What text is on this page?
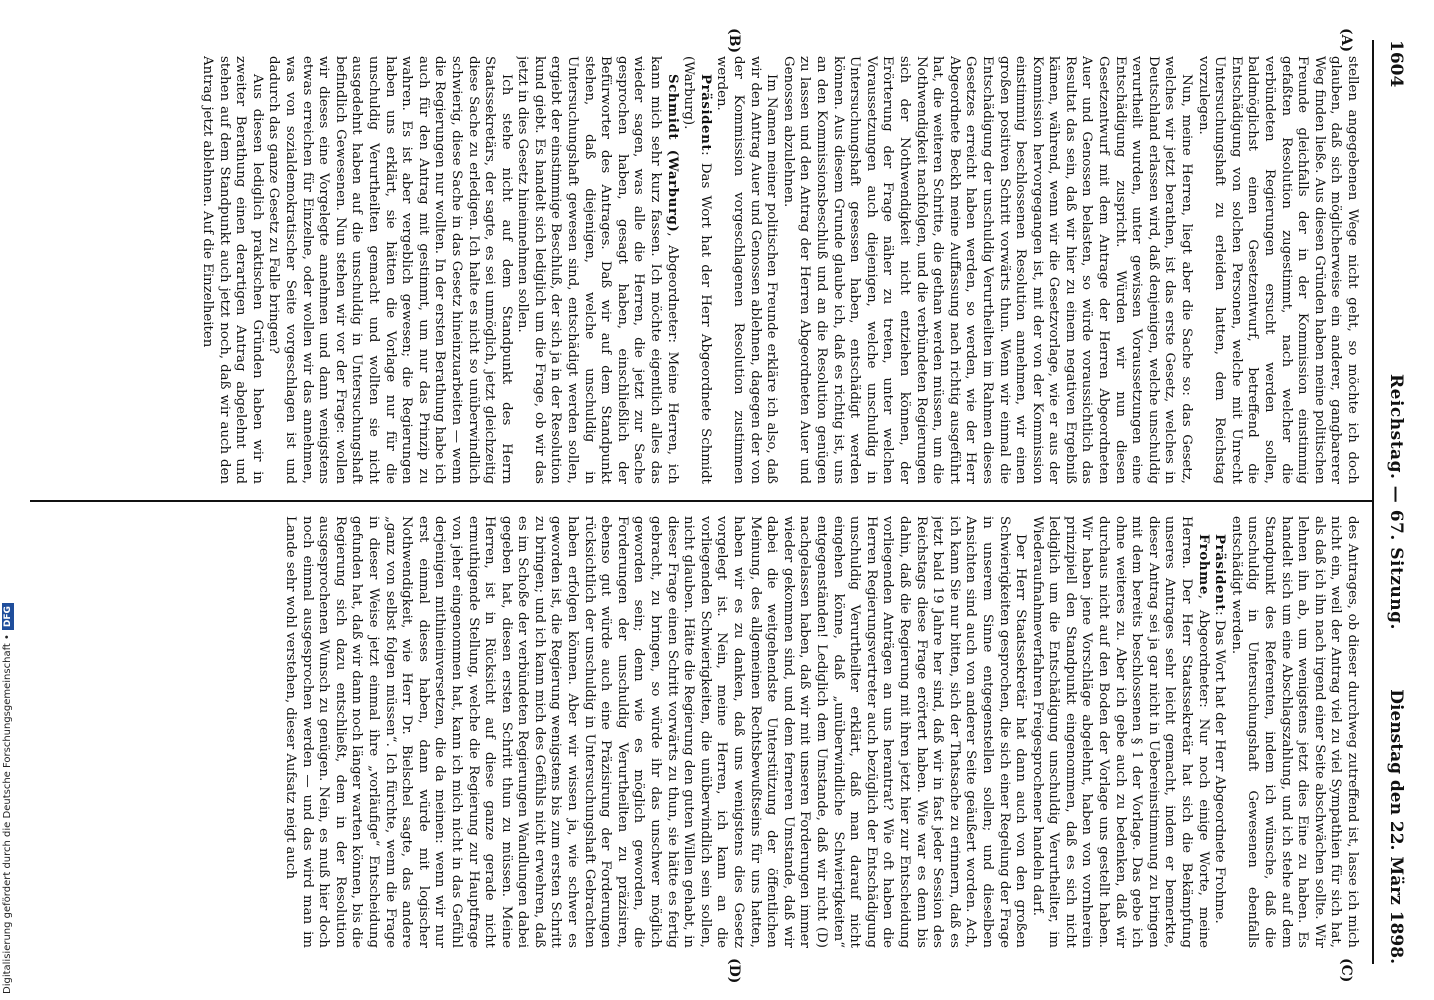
1604
Reichstag. — 67. Sitzung.
Dienstag den 22. März 1898.
(A)
(B)
(C)
(D)

stellen angegebenen Wege nicht geht, so möchte ich doch glauben, daß sich möglicherweise ein anderer, gangbarerer Weg finden ließe. Aus diesen Gründen haben meine politischen Freunde gleichfalls der in der Kommission einstimmig gefaßten Resolution zugestimmt, nach welcher die verbündeten Regierungen ersucht werden sollen, baldmöglichst einen Gesetzentwurf, betreffend die Entschädigung von solchen Personen, welche mit Unrecht Untersuchungshaft zu erleiden hatten, dem Reichstag vorzulegen.

Nun, meine Herren, liegt aber die Sache so: das Gesetz, welches wir jetzt berathen, ist das erste Gesetz, welches in Deutschland erlassen wird, daß denjenigen, welche unschuldig verurtheilt wurden, unter gewissen Voraussetzungen eine Entschädigung zuspricht. Würden wir nun diesen Gesetzentwurf mit dem Antrage der Herren Abgeordneten Auer und Genossen belasten, so würde voraussichtlich das Resultat das sein, daß wir hier zu einem negativen Ergebniß kämen, während, wenn wir die Gesetzvorlage, wie er aus der Kommission hervorgegangen ist, mit der von der Kommission einstimmig beschlossenen Resolution annehmen, wir einen großen positiven Schritt vorwärts thun. Wenn wir einmal die Entschädigung der unschuldig Verurtheilten im Rahmen dieses Gesetzes erreicht haben werden, so werden, wie der Herr Abgeordnete Beckh meine Auffassung nach richtig ausgeführt hat, die weiteren Schritte, die gethan werden müssen, um die Nothwendigkeit nachfolgen, und die verbündeten Regierungen sich der Nothwendigkeit nicht entziehen können, der Erörterung der Frage näher zu treten, unter welchen Voraussetzungen auch diejenigen, welche unschuldig in Untersuchungshaft gesessen haben, entschädigt werden können. Aus diesem Grunde glaube ich, daß es richtig ist, uns an den Kommissionsbeschluß und an die Resolution genügen zu lassen und den Antrag der Herren Abgeordneten Auer und Genossen abzulehnen.

Im Namen meiner politischen Freunde erkläre ich also, daß wir den Antrag Auer und Genossen ablehnen, dagegen der von der Kommission vorgeschlagenen Resolution zustimmen werden.

Präsident: Das Wort hat der Herr Abgeordnete Schmidt (Warburg).

Schmidt (Warburg), Abgeordneter: Meine Herren, ich kann mich sehr kurz fassen. Ich möchte eigentlich alles das wieder sagen, was alle die Herren, die jetzt zur Sache gesprochen haben, gesagt haben, einschließlich der Befürworter des Antrages. Daß wir auf dem Standpunkt stehen, daß diejenigen, welche unschuldig in Untersuchungshaft gewesen sind, entschädigt werden sollen, ergiebt der einstimmige Beschluß, der sich ja in der Resolution kund giebt. Es handelt sich lediglich um die Frage, ob wir das jetzt in dies Gesetz hineinnehmen sollen.

Ich stehe nicht auf dem Standpunkt des Herrn Staatssekretärs, der sagte, es sei unmöglich, jetzt gleichzeitig diese Sache zu erledigen. Ich halte es nicht so unüberwindlich schwierig, diese Sache in das Gesetz hineinzuarbeiten — wenn die Regierungen nur wollten. In der ersten Berathung habe ich auch für den Antrag mit gestimmt, um nur das Prinzip zu wahren. Es ist aber vergeblich gewesen; die Regierungen haben uns erklärt, sie hätten die Vorlage nur für die unschuldig Verurtheilten gemacht und wollten sie nicht ausgedehnt haben auf die unschuldig in Untersuchungshaft befindlich Gewesenen. Nun stehen wir vor der Frage: wollen wir dieses eine Vorgelegte annehmen und dann wenigstens etwas erreichen für Einzelne, oder wollen wir das annehmen, was von sozialdemokratischer Seite vorgeschlagen ist und dadurch das ganze Gesetz zu Falle bringen?

Aus diesen lediglich praktischen Gründen haben wir in zweiter Berathung einen derartigen Antrag abgelehnt und stehen auf dem Standpunkt auch jetzt noch, daß wir auch den Antrag jetzt ablehnen. Auf die Einzelheiten

des Antrages, ob dieser durchweg zutreffend ist, lasse ich mich nicht ein, weil der Antrag viel zu viel Sympathien für sich hat, als daß ich ihn nach irgend einer Seite abschwächen sollte. Wir lehnen ihn ab, um wenigstens jetzt dies Eine zu haben. Es handelt sich um eine Abschlagszahlung, und ich stehe auf dem Standpunkt des Referenten, indem ich wünsche, daß die unschuldig in Untersuchungshaft Gewesenen ebenfalls entschädigt werden.

Präsident: Das Wort hat der Herr Abgeordnete Frohme.

Frohme, Abgeordneter: Nur noch einige Worte, meine Herren. Der Herr Staatssekretär hat sich die Bekämpfung unseres Antrages sehr leicht gemacht, indem er bemerkte, dieser Antrag sei ja gar nicht in Uebereinstimmung zu bringen mit dem bereits beschlossenen § 1 der Vorlage. Das gebe ich ohne weiteres zu. Aber ich gebe auch zu bedenken, daß wir durchaus nicht auf den Boden der Vorlage uns gestellt haben. Wir haben jene Vorschläge abgelehnt, haben von vornherein prinzipiell den Standpunkt eingenommen, daß es sich nicht lediglich um die Entschädigung unschuldig Verurtheilter, im Wiederaufnahmeverfahren Freigesprochener handeln darf.

Der Herr Staatssekretär hat dann auch von den großen Schwierigkeiten gesprochen, die sich einer Regelung der Frage in unserem Sinne entgegenstellen sollen; und dieselben Ansichten sind auch von anderer Seite geäußert worden. Ach, ich kann Sie nur bitten, sich der Thatsache zu erinnern, daß es jetzt bald 19 Jahre her sind, daß wir in fast jeder Session des Reichstags diese Frage erörtert haben. Wie war es denn bis dahin, daß die Regierung mit ihren jetzt hier zur Entscheidung vorliegenden Anträgen an uns herantrat? Wie oft haben die Herren Regierungsvertreter auch bezüglich der Entschädigung unschuldig Verurtheilter erklärt, daß man darauf nicht eingehen könne, daß „unüberwindliche Schwierigkeiten“ entgegenständen! Lediglich dem Umstande, daß wir nicht (D) nachgelassen haben, daß wir mit unseren Forderungen immer wieder gekommen sind, und dem ferneren Umstande, daß wir dabei die weitgehendste Unterstützung der öffentlichen Meinung, des allgemeinen Rechtsbewußtseins für uns hatten, haben wir es zu danken, daß uns wenigstens dies Gesetz vorgelegt ist. Nein, meine Herren, ich kann an die vorliegenden Schwierigkeiten, die unüberwindlich sein sollen, nicht glauben. Hätte die Regierung den guten Willen gehabt, in dieser Frage einen Schritt vorwärts zu thun, sie hätte es fertig gebracht, zu bringen, so würde ihr das unschwer möglich geworden sein; denn wie es möglich geworden, die Forderungen der unschuldig Verurtheilten zu präzisiren, ebenso gut würde auch eine Präzisirung der Forderungen rücksichtlich der unschuldig in Untersuchungshaft Gebrachten haben erfolgen können. Aber wir wissen ja, wie schwer es geworden ist, die Regierung wenigstens bis zum ersten Schritt zu bringen; und ich kann mich des Gefühls nicht erwehren, daß es im Schoße der verbündeten Regierungen Wandlungen dabei gegeben hat, diesen ersten Schritt thun zu müssen. Meine Herren, ist in Rücksicht auf diese ganze gerade nicht ermuthigende Stellung, welche die Regierung zur Hauptfrage von jeher eingenommen hat, kann ich mich nicht in das Gefühl derjenigen mithineinversetzen, die da meinen: wenn wir nur erst einmal dieses haben, dann würde mit logischer Nothwendigkeit, wie Herr Dr. Bielschel sagte, das andere „ganz von selbst folgen müssen“. Ich fürchte, wenn die Frage in dieser Weise jetzt einmal ihre „vorläufige“ Entscheidung gefunden hat, daß wir dann noch länger warten können, bis die Regierung sich dazu entschließt, dem in der Resolution ausgesprochenen Wunsch zu genügen. Nein, es muß hier doch noch einmal ausgesprochen werden — und das wird man im Lande sehr wohl verstehen, dieser Aufsatz neigt auch

Digitalisierung gefördert durch die Deutsche Forschungsgemeinschaft •DFG
